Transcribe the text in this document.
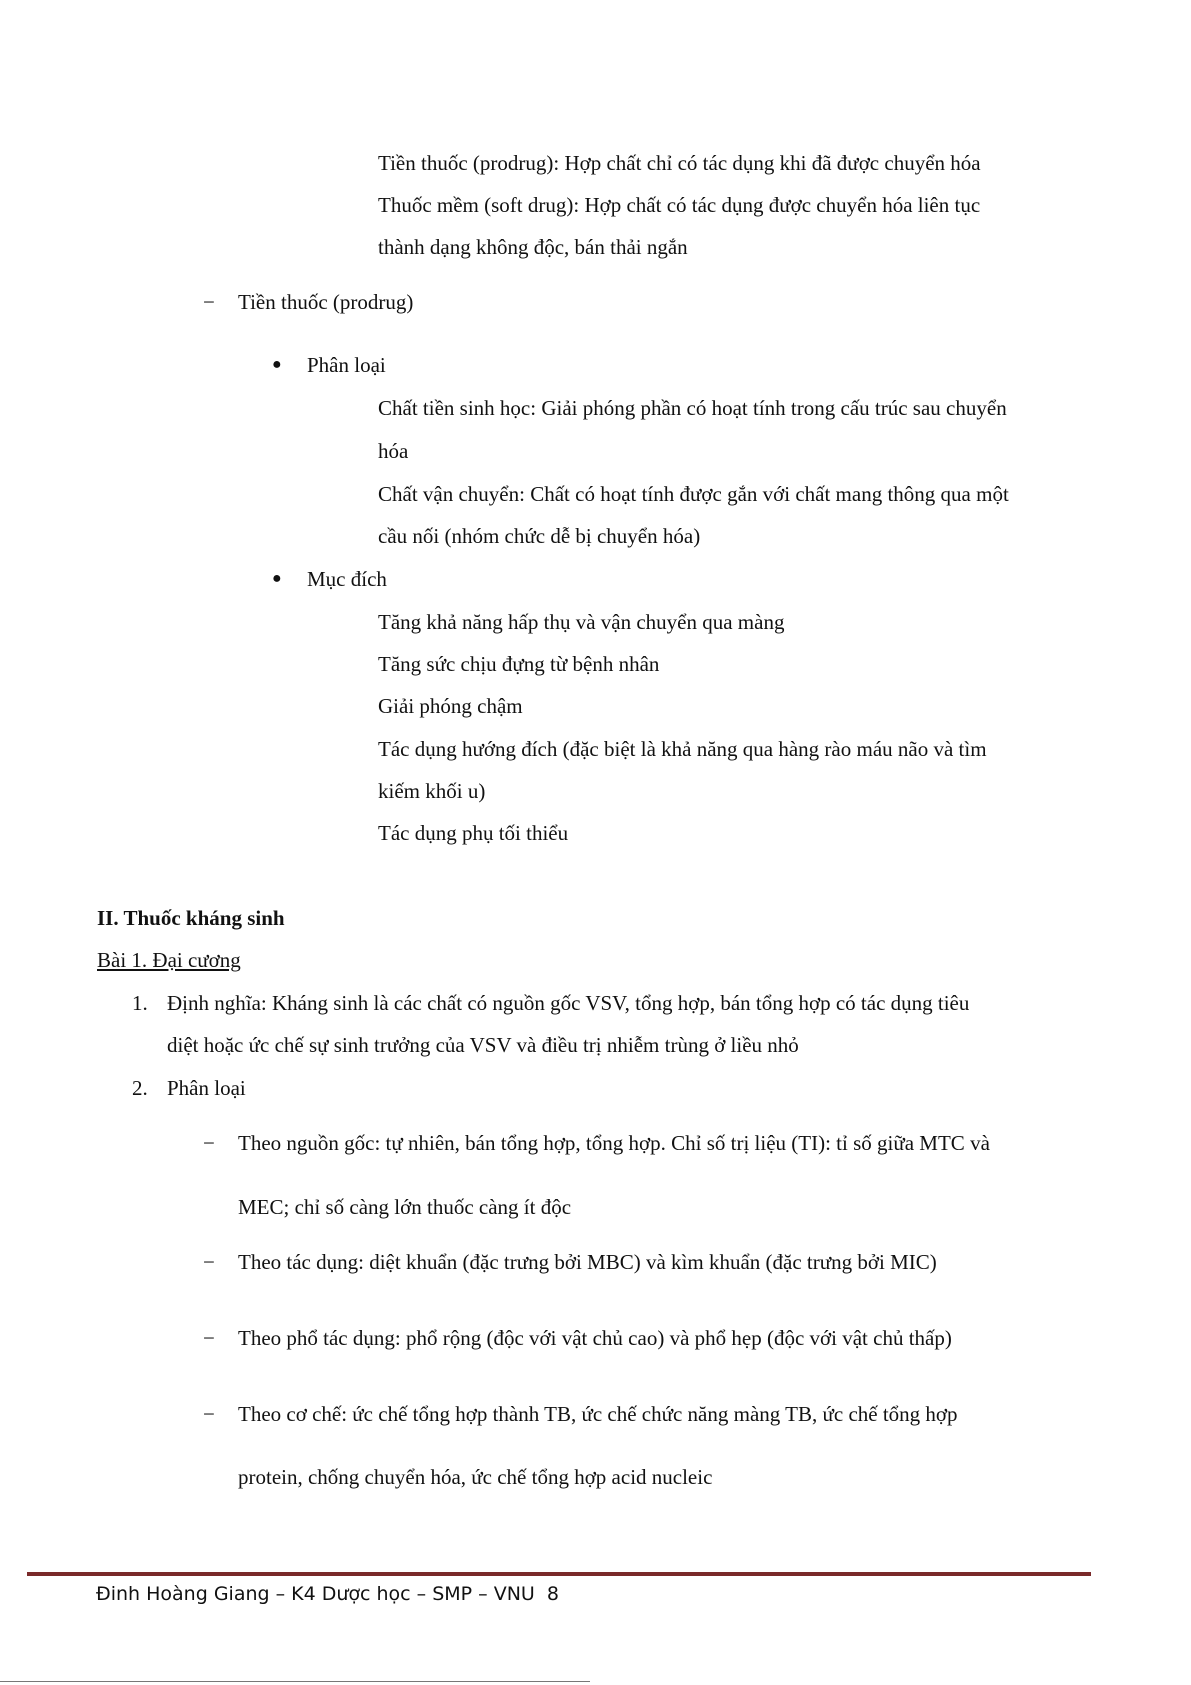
Tiền thuốc (prodrug): Hợp chất chỉ có tác dụng khi đã được chuyển hóa
Thuốc mềm (soft drug): Hợp chất có tác dụng được chuyển hóa liên tục
thành dạng không độc, bán thải ngắn
− Tiền thuốc (prodrug)
● Phân loại
Chất tiền sinh học: Giải phóng phần có hoạt tính trong cấu trúc sau chuyển
hóa
Chất vận chuyển: Chất có hoạt tính được gắn với chất mang thông qua một
cầu nối (nhóm chức dễ bị chuyển hóa)
● Mục đích
Tăng khả năng hấp thụ và vận chuyển qua màng
Tăng sức chịu đựng từ bệnh nhân
Giải phóng chậm
Tác dụng hướng đích (đặc biệt là khả năng qua hàng rào máu não và tìm
kiếm khối u)
Tác dụng phụ tối thiểu
II. Thuốc kháng sinh
Bài 1. Đại cương
1. Định nghĩa: Kháng sinh là các chất có nguồn gốc VSV, tổng hợp, bán tổng hợp có tác dụng tiêu
diệt hoặc ức chế sự sinh trưởng của VSV và điều trị nhiễm trùng ở liều nhỏ
2. Phân loại
− Theo nguồn gốc: tự nhiên, bán tổng hợp, tổng hợp. Chỉ số trị liệu (TI): tỉ số giữa MTC và
MEC; chỉ số càng lớn thuốc càng ít độc
− Theo tác dụng: diệt khuẩn (đặc trưng bởi MBC) và kìm khuẩn (đặc trưng bởi MIC)
− Theo phổ tác dụng: phổ rộng (độc với vật chủ cao) và phổ hẹp (độc với vật chủ thấp)
− Theo cơ chế: ức chế tổng hợp thành TB, ức chế chức năng màng TB, ức chế tổng hợp
protein, chống chuyển hóa, ức chế tổng hợp acid nucleic
Đinh Hoàng Giang – K4 Dược học – SMP – VNU 8
